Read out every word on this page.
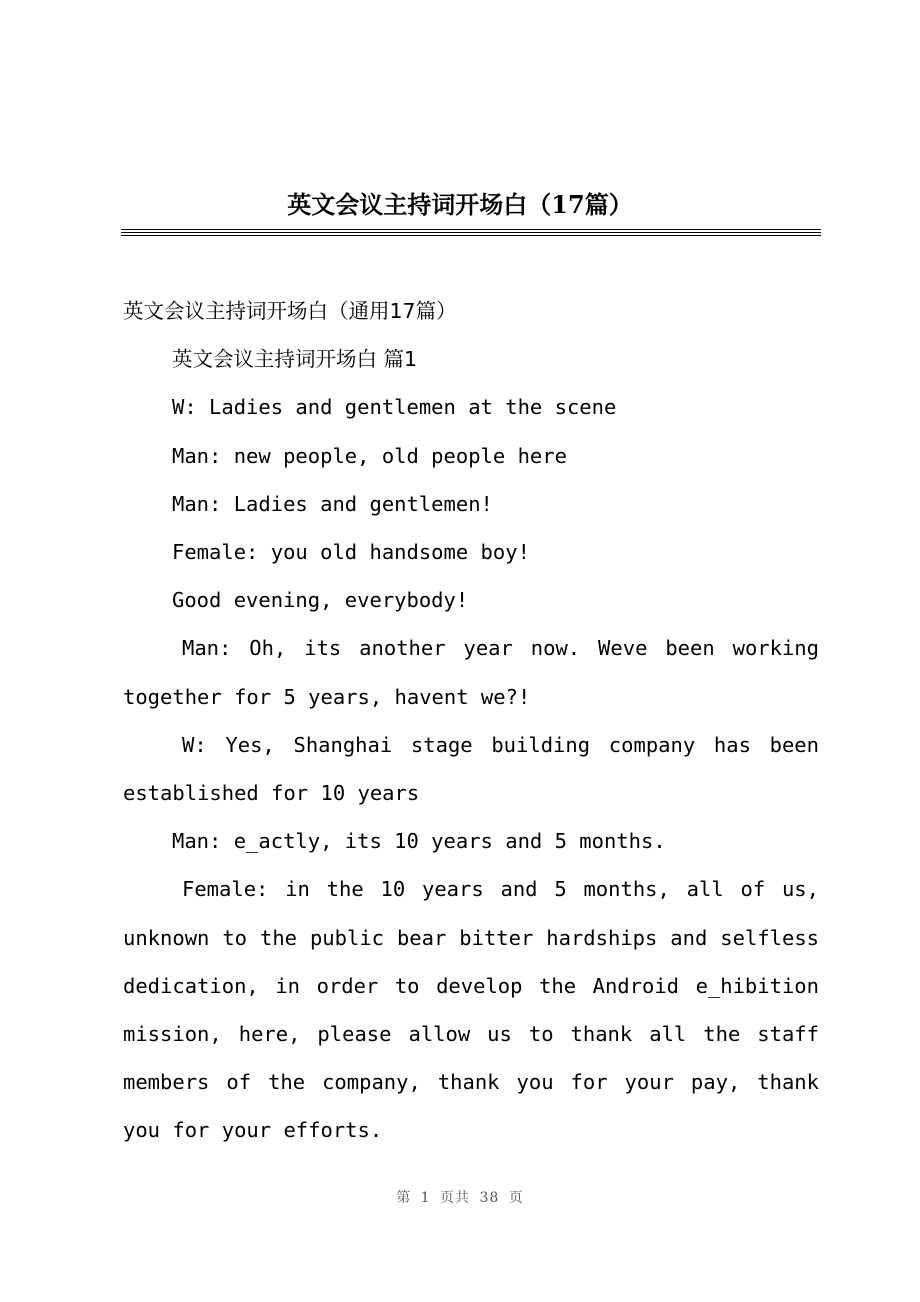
英文会议主持词开场白（17篇）

英文会议主持词开场白（通用17篇）

英文会议主持词开场白 篇1

W: Ladies and gentlemen at the scene

Man: new people, old people here

Man: Ladies and gentlemen!

Female: you old handsome boy!

Good evening, everybody!

Man: Oh, its another year now. Weve been working together for 5 years, havent we?!

W: Yes, Shanghai stage building company has been established for 10 years

Man: e_actly, its 10 years and 5 months.

Female: in the 10 years and 5 months, all of us, unknown to the public bear bitter hardships and selfless dedication, in order to develop the Android e_hibition mission, here, please allow us to thank all the staff members of the company, thank you for your pay, thank you for your efforts.

第 1 页共 38 页
